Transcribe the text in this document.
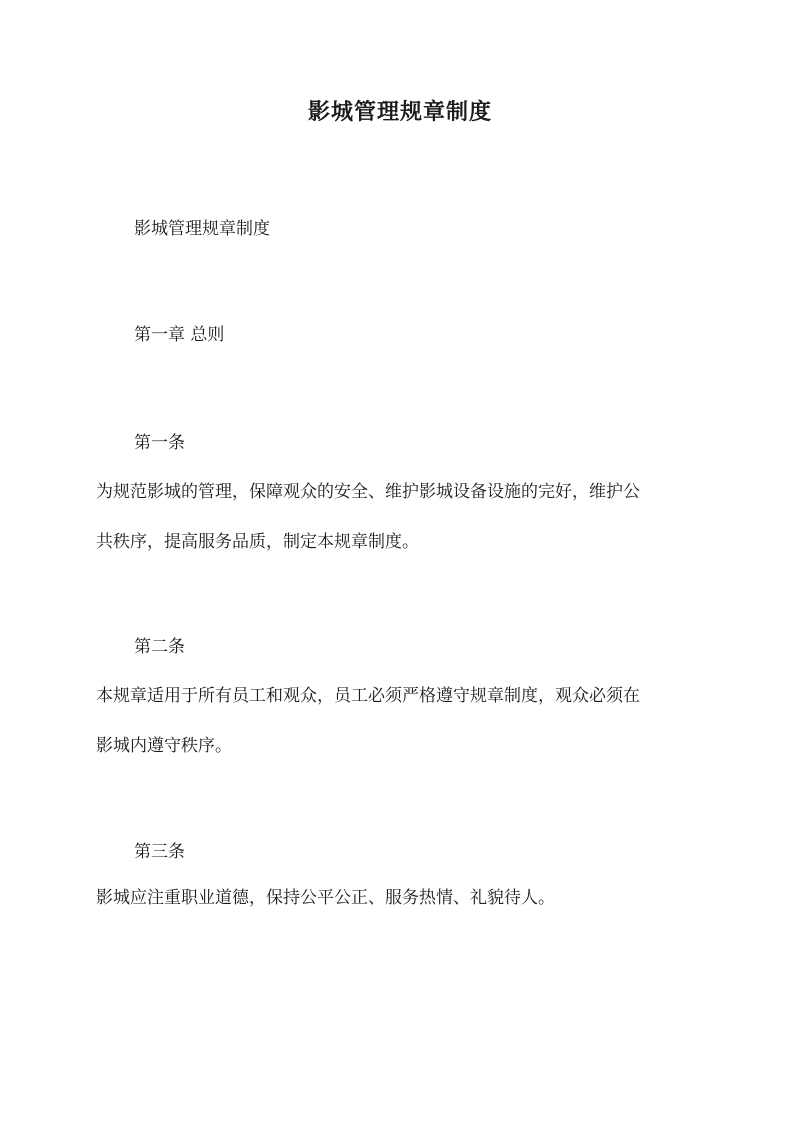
影城管理规章制度

影城管理规章制度

第一章 总则

第一条

为规范影城的管理，保障观众的安全、维护影城设备设施的完好，维护公

共秩序，提高服务品质，制定本规章制度。

第二条

本规章适用于所有员工和观众，员工必须严格遵守规章制度，观众必须在

影城内遵守秩序。

第三条

影城应注重职业道德，保持公平公正、服务热情、礼貌待人。
